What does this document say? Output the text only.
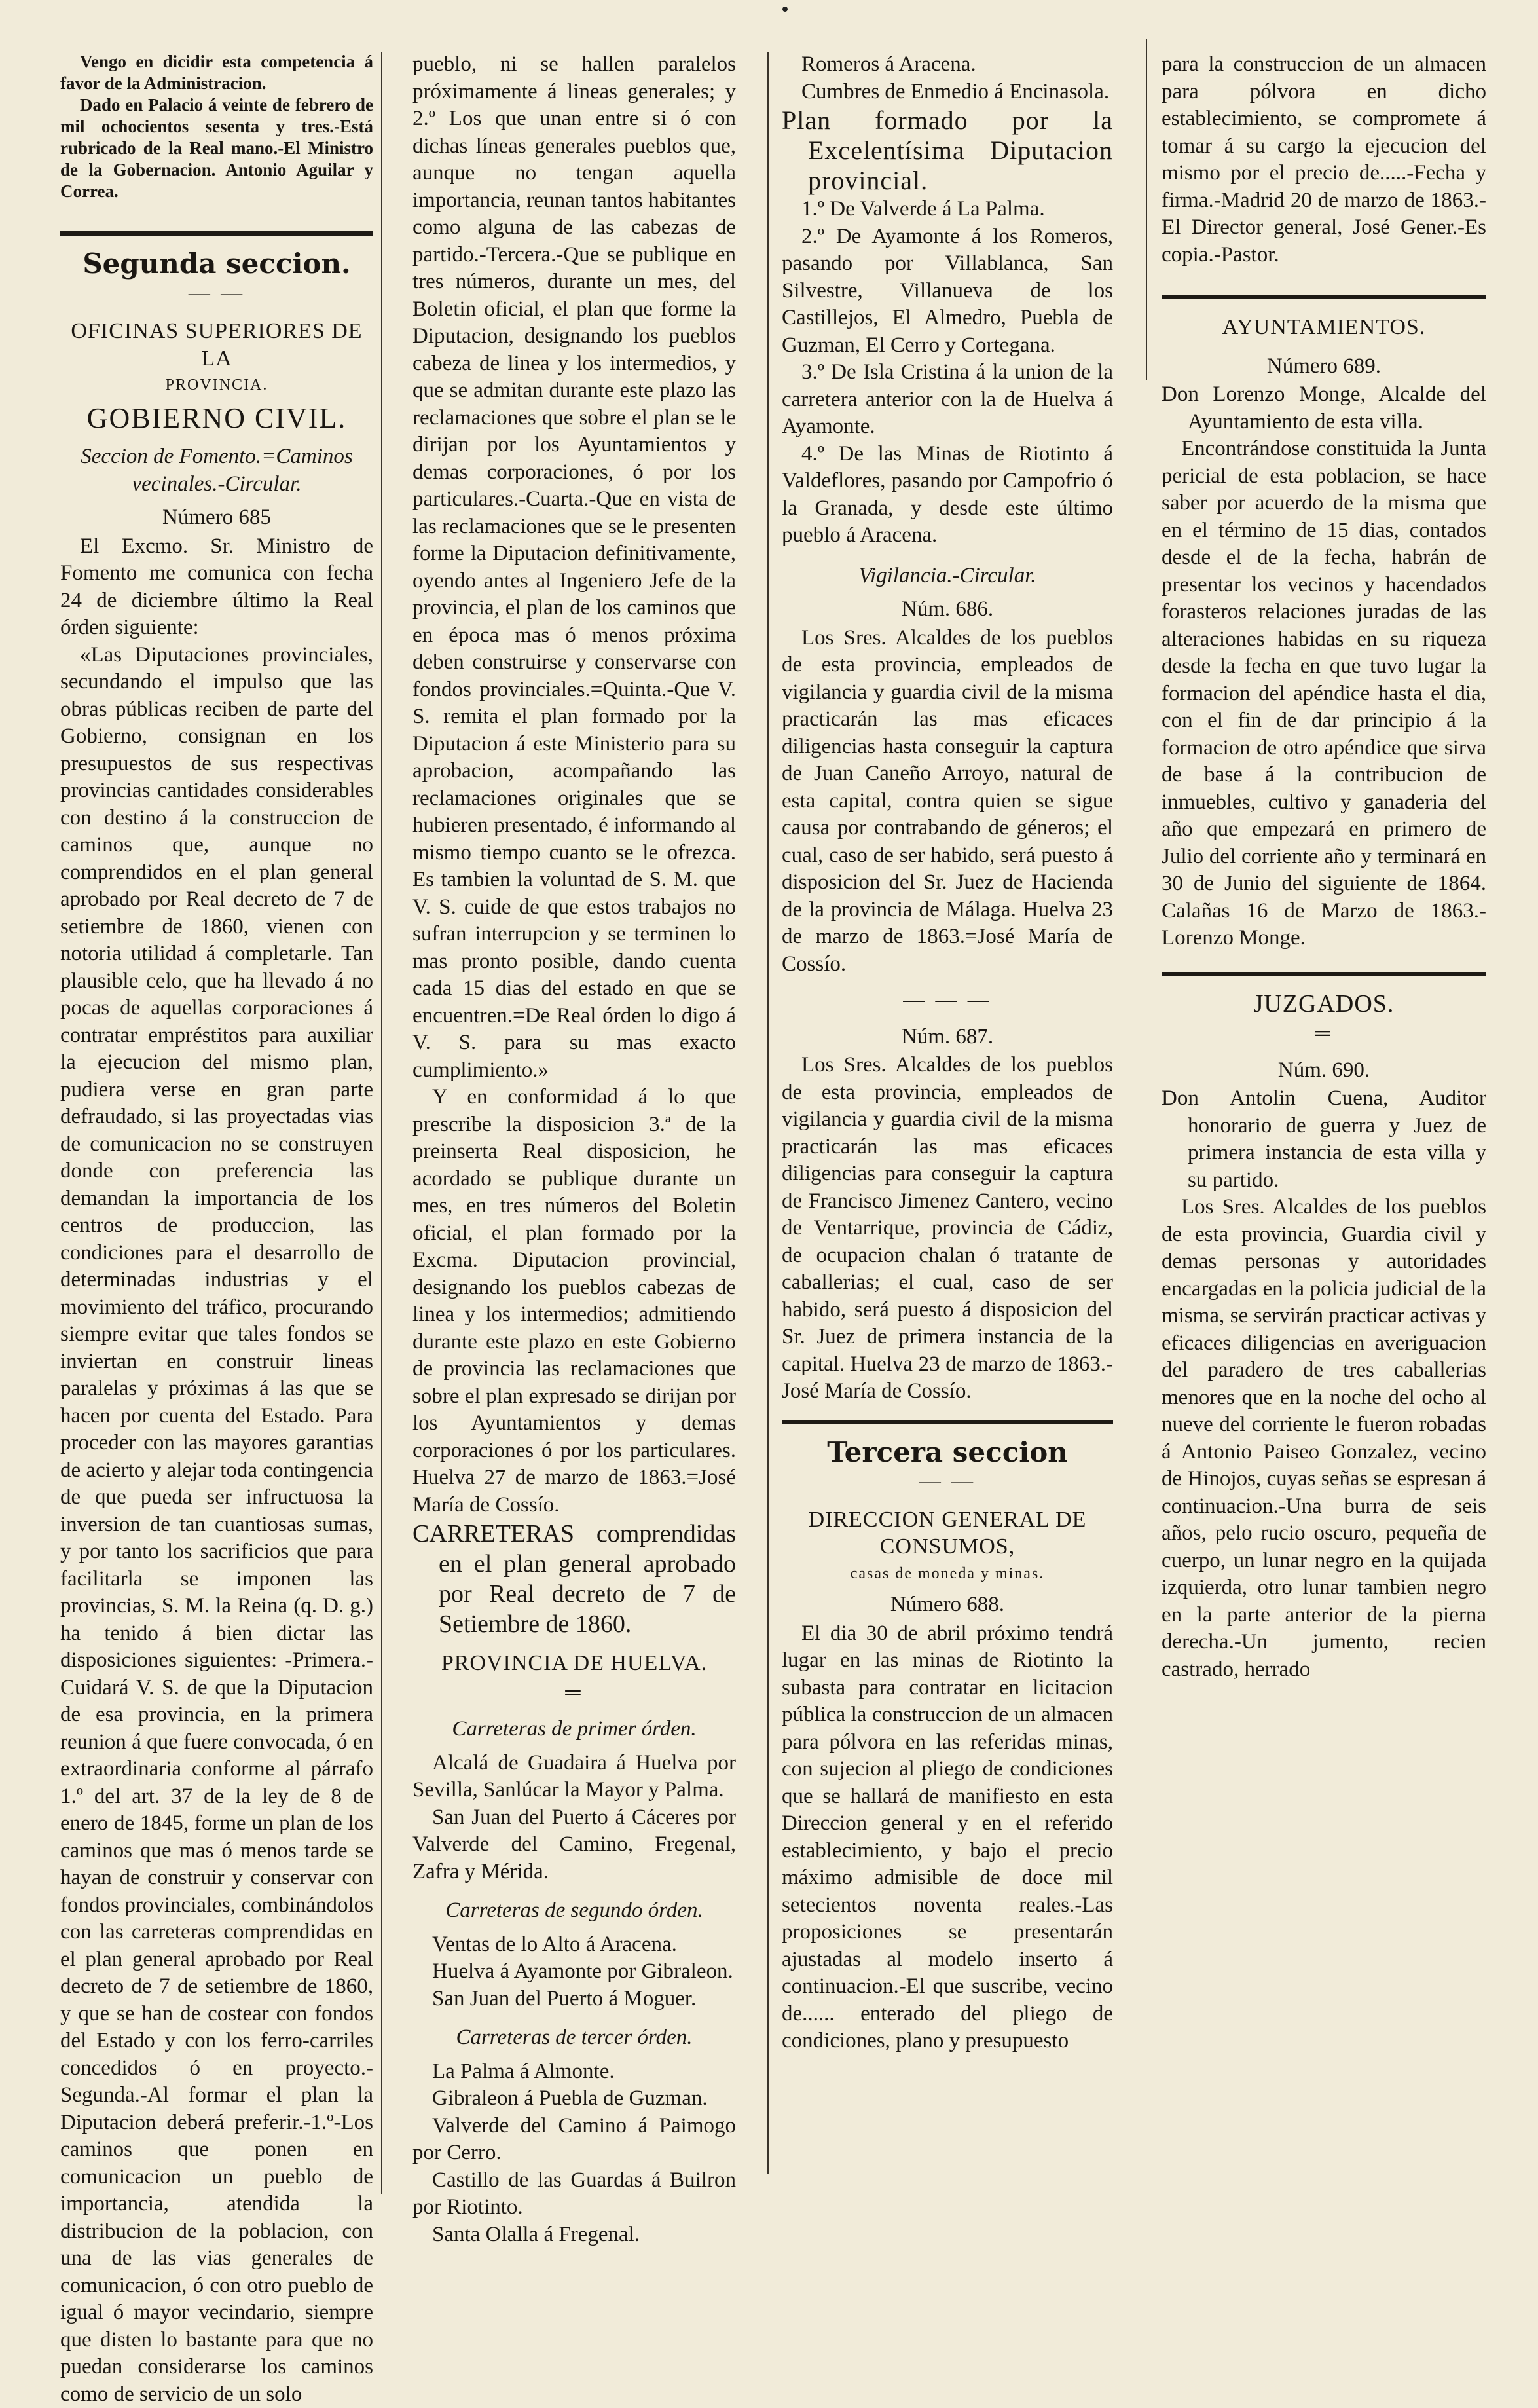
Vengo en dicidir esta competencia á favor de la Administracion.

Dado en Palacio á veinte de febrero de mil ochocientos sesenta y tres.-Está rubricado de la Real mano.-El Ministro de la Gobernacion. Antonio Aguilar y Correa.

Segunda seccion.
— —
OFICINAS SUPERIORES DE LA
PROVINCIA.
GOBIERNO CIVIL.
Seccion de Fomento.=Caminos vecinales.-Circular.
Número 685

El Excmo. Sr. Ministro de Fomento me comunica con fecha 24 de diciembre último la Real órden siguiente:

«Las Diputaciones provinciales, secundando el impulso que las obras públicas reciben de parte del Gobierno, consignan en los presupuestos de sus respectivas provincias cantidades considerables con destino á la construccion de caminos que, aunque no comprendidos en el plan general aprobado por Real decreto de 7 de setiembre de 1860, vienen con notoria utilidad á completarle. Tan plausible celo, que ha llevado á no pocas de aquellas corporaciones á contratar empréstitos para auxiliar la ejecucion del mismo plan, pudiera verse en gran parte defraudado, si las proyectadas vias de comunicacion no se construyen donde con preferencia las demandan la importancia de los centros de produccion, las condiciones para el desarrollo de determinadas industrias y el movimiento del tráfico, procurando siempre evitar que tales fondos se inviertan en construir lineas paralelas y próximas á las que se hacen por cuenta del Estado. Para proceder con las mayores garantias de acierto y alejar toda contingencia de que pueda ser infructuosa la inversion de tan cuantiosas sumas, y por tanto los sacrificios que para facilitarla se imponen las provincias, S. M. la Reina (q. D. g.) ha tenido á bien dictar las disposiciones siguientes: -Primera.-Cuidará V. S. de que la Diputacion de esa provincia, en la primera reunion á que fuere convocada, ó en extraordinaria conforme al párrafo 1.º del art. 37 de la ley de 8 de enero de 1845, forme un plan de los caminos que mas ó menos tarde se hayan de construir y conservar con fondos provinciales, combinándolos con las carreteras comprendidas en el plan general aprobado por Real decreto de 7 de setiembre de 1860, y que se han de costear con fondos del Estado y con los ferro-carriles concedidos ó en proyecto.-Segunda.-Al formar el plan la Diputacion deberá preferir.-1.º-Los caminos que ponen en comunicacion un pueblo de importancia, atendida la distribucion de la poblacion, con una de las vias generales de comunicacion, ó con otro pueblo de igual ó mayor vecindario, siempre que disten lo bastante para que no puedan considerarse los caminos como de servicio de un solo

pueblo, ni se hallen paralelos próximamente á lineas generales; y 2.º Los que unan entre si ó con dichas líneas generales pueblos que, aunque no tengan aquella importancia, reunan tantos habitantes como alguna de las cabezas de partido.-Tercera.-Que se publique en tres números, durante un mes, del Boletin oficial, el plan que forme la Diputacion, designando los pueblos cabeza de linea y los intermedios, y que se admitan durante este plazo las reclamaciones que sobre el plan se le dirijan por los Ayuntamientos y demas corporaciones, ó por los particulares.-Cuarta.-Que en vista de las reclamaciones que se le presenten forme la Diputacion definitivamente, oyendo antes al Ingeniero Jefe de la provincia, el plan de los caminos que en época mas ó menos próxima deben construirse y conservarse con fondos provinciales.=Quinta.-Que V. S. remita el plan formado por la Diputacion á este Ministerio para su aprobacion, acompañando las reclamaciones originales que se hubieren presentado, é informando al mismo tiempo cuanto se le ofrezca. Es tambien la voluntad de S. M. que V. S. cuide de que estos trabajos no sufran interrupcion y se terminen lo mas pronto posible, dando cuenta cada 15 dias del estado en que se encuentren.=De Real órden lo digo á V. S. para su mas exacto cumplimiento.»

Y en conformidad á lo que prescribe la disposicion 3.ª de la preinserta Real disposicion, he acordado se publique durante un mes, en tres números del Boletin oficial, el plan formado por la Excma. Diputacion provincial, designando los pueblos cabezas de linea y los intermedios; admitiendo durante este plazo en este Gobierno de provincia las reclamaciones que sobre el plan expresado se dirijan por los Ayuntamientos y demas corporaciones ó por los particulares. Huelva 27 de marzo de 1863.=José María de Cossío.

CARRETERAS comprendidas en el plan general aprobado por Real decreto de 7 de Setiembre de 1860.

PROVINCIA DE HUELVA.
═
Carreteras de primer órden.

Alcalá de Guadaira á Huelva por Sevilla, Sanlúcar la Mayor y Palma.

San Juan del Puerto á Cáceres por Valverde del Camino, Fregenal, Zafra y Mérida.

Carreteras de segundo órden.

Ventas de lo Alto á Aracena.

Huelva á Ayamonte por Gibraleon.

San Juan del Puerto á Moguer.

Carreteras de tercer órden.

La Palma á Almonte.

Gibraleon á Puebla de Guzman.

Valverde del Camino á Paimogo por Cerro.

Castillo de las Guardas á Builron por Riotinto.

Santa Olalla á Fregenal.

Romeros á Aracena.

Cumbres de Enmedio á Encinasola.

Plan formado por la Excelentísima Diputacion provincial.

1.º De Valverde á La Palma.

2.º De Ayamonte á los Romeros, pasando por Villablanca, San Silvestre, Villanueva de los Castillejos, El Almedro, Puebla de Guzman, El Cerro y Cortegana.

3.º De Isla Cristina á la union de la carretera anterior con la de Huelva á Ayamonte.

4.º De las Minas de Riotinto á Valdeflores, pasando por Campofrio ó la Granada, y desde este último pueblo á Aracena.

Vigilancia.-Circular.
Núm. 686.

Los Sres. Alcaldes de los pueblos de esta provincia, empleados de vigilancia y guardia civil de la misma practicarán las mas eficaces diligencias hasta conseguir la captura de Juan Caneño Arroyo, natural de esta capital, contra quien se sigue causa por contrabando de géneros; el cual, caso de ser habido, será puesto á disposicion del Sr. Juez de Hacienda de la provincia de Málaga. Huelva 23 de marzo de 1863.=José María de Cossío.

— — —
Núm. 687.

Los Sres. Alcaldes de los pueblos de esta provincia, empleados de vigilancia y guardia civil de la misma practicarán las mas eficaces diligencias para conseguir la captura de Francisco Jimenez Cantero, vecino de Ventarrique, provincia de Cádiz, de ocupacion chalan ó tratante de caballerias; el cual, caso de ser habido, será puesto á disposicion del Sr. Juez de primera instancia de la capital. Huelva 23 de marzo de 1863.-José María de Cossío.

Tercera seccion
— —
DIRECCION GENERAL DE CONSUMOS,
casas de moneda y minas.
Número 688.

El dia 30 de abril próximo tendrá lugar en las minas de Riotinto la subasta para contratar en licitacion pública la construccion de un almacen para pólvora en las referidas minas, con sujecion al pliego de condiciones que se hallará de manifiesto en esta Direccion general y en el referido establecimiento, y bajo el precio máximo admisible de doce mil setecientos noventa reales.-Las proposiciones se presentarán ajustadas al modelo inserto á continuacion.-El que suscribe, vecino de...... enterado del pliego de condiciones, plano y presupuesto

para la construccion de un almacen para pólvora en dicho establecimiento, se compromete á tomar á su cargo la ejecucion del mismo por el precio de.....-Fecha y firma.-Madrid 20 de marzo de 1863.-El Director general, José Gener.-Es copia.-Pastor.

AYUNTAMIENTOS.
Número 689.

Don Lorenzo Monge, Alcalde del Ayuntamiento de esta villa.

Encontrándose constituida la Junta pericial de esta poblacion, se hace saber por acuerdo de la misma que en el término de 15 dias, contados desde el de la fecha, habrán de presentar los vecinos y hacendados forasteros relaciones juradas de las alteraciones habidas en su riqueza desde la fecha en que tuvo lugar la formacion del apéndice hasta el dia, con el fin de dar principio á la formacion de otro apéndice que sirva de base á la contribucion de inmuebles, cultivo y ganaderia del año que empezará en primero de Julio del corriente año y terminará en 30 de Junio del siguiente de 1864. Calañas 16 de Marzo de 1863.-Lorenzo Monge.

JUZGADOS.
═
Núm. 690.

Don Antolin Cuena, Auditor honorario de guerra y Juez de primera instancia de esta villa y su partido.

Los Sres. Alcaldes de los pueblos de esta provincia, Guardia civil y demas personas y autoridades encargadas en la policia judicial de la misma, se servirán practicar activas y eficaces diligencias en averiguacion del paradero de tres caballerias menores que en la noche del ocho al nueve del corriente le fueron robadas á Antonio Paiseo Gonzalez, vecino de Hinojos, cuyas señas se espresan á continuacion.-Una burra de seis años, pelo rucio oscuro, pequeña de cuerpo, un lunar negro en la quijada izquierda, otro lunar tambien negro en la parte anterior de la pierna derecha.-Un jumento, recien castrado, herrado
